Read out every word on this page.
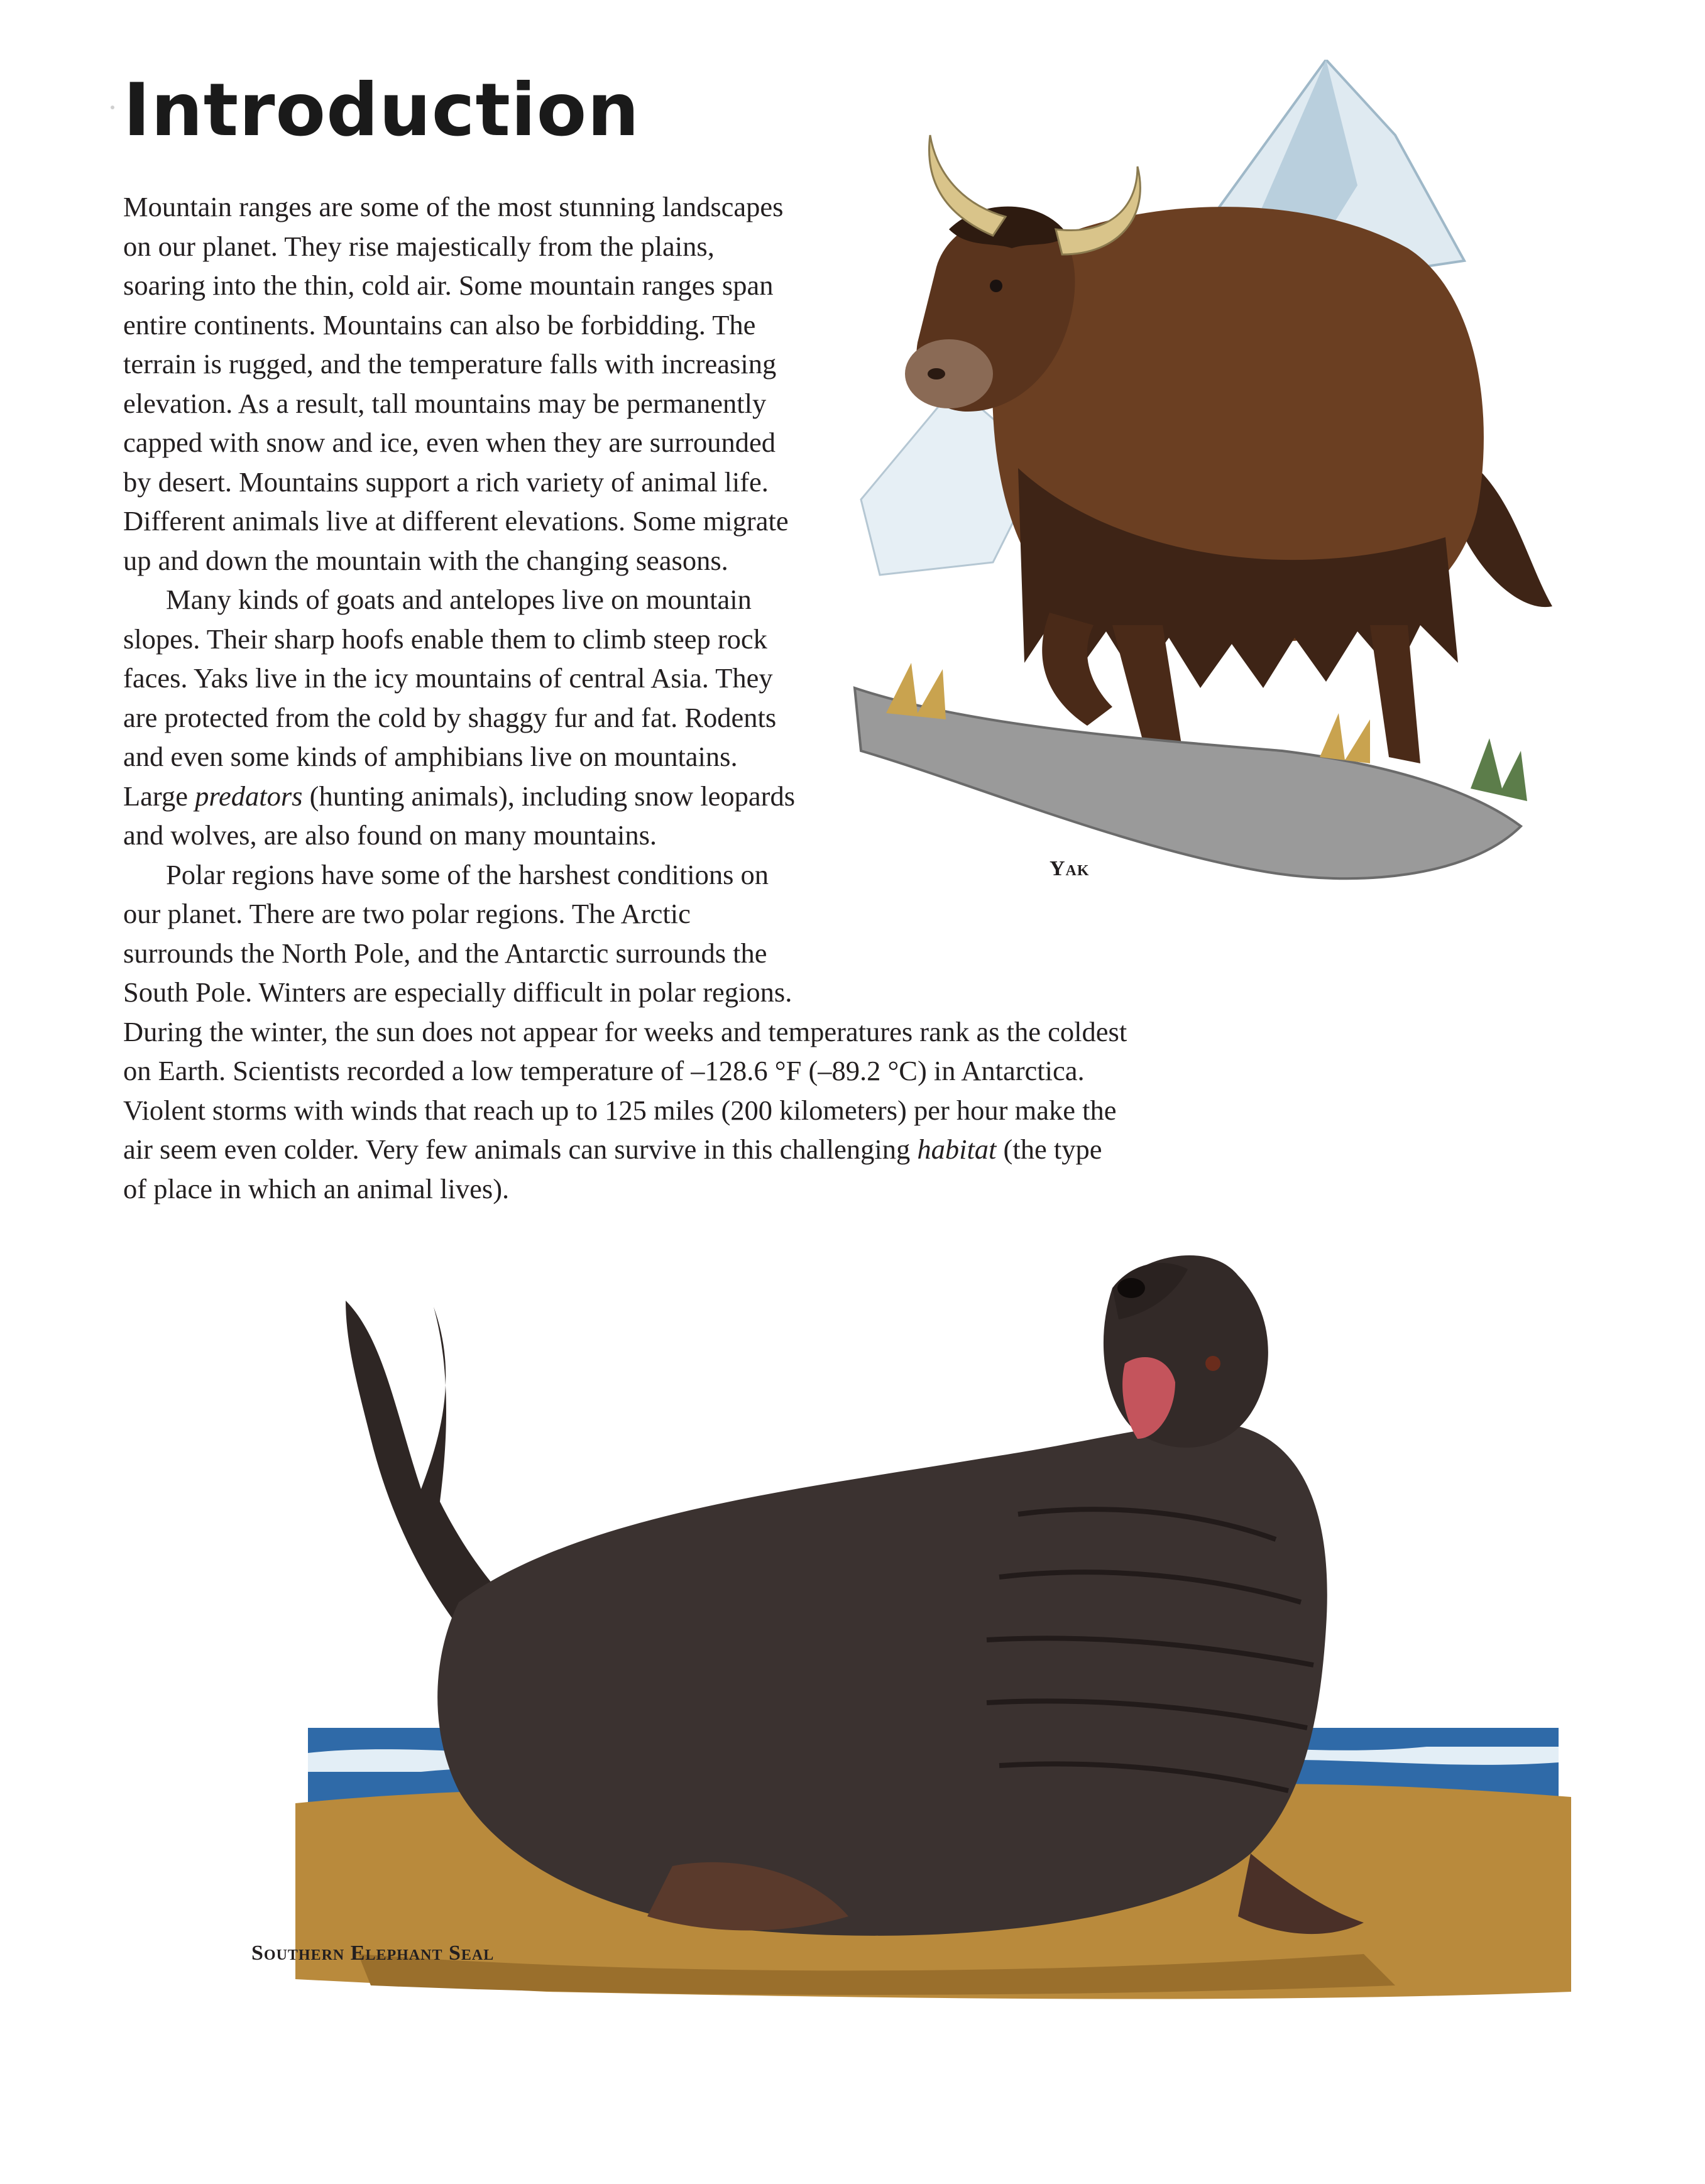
Introduction
Yak

Mountain ranges are some of the most stunning landscapes on our planet. They rise majestically from the plains, soaring into the thin, cold air. Some mountain ranges span entire continents. Mountains can also be forbidding. The terrain is rugged, and the temperature falls with increasing elevation. As a result, tall mountains may be permanently capped with snow and ice, even when they are surrounded by desert. Mountains support a rich variety of animal life. Different animals live at different elevations. Some migrate up and down the mountain with the changing seasons.

Many kinds of goats and antelopes live on mountain slopes. Their sharp hoofs enable them to climb steep rock faces. Yaks live in the icy mountains of central Asia. They are protected from the cold by shaggy fur and fat. Rodents and even some kinds of amphibians live on mountains. Large predators (hunting animals), including snow leopards and wolves, are also found on many mountains.

Polar regions have some of the harshest conditions on our planet. There are two polar regions. The Arctic surrounds the North Pole, and the Antarctic surrounds the South Pole. Winters are especially difficult in polar regions. During the winter, the sun does not appear for weeks and temperatures rank as the coldest on Earth. Scientists recorded a low temperature of –128.6 °F (–89.2 °C) in Antarctica. Violent storms with winds that reach up to 125 miles (200 kilometers) per hour make the air seem even colder. Very few animals can survive in this challenging habitat (the type of place in which an animal lives).

Southern Elephant Seal
